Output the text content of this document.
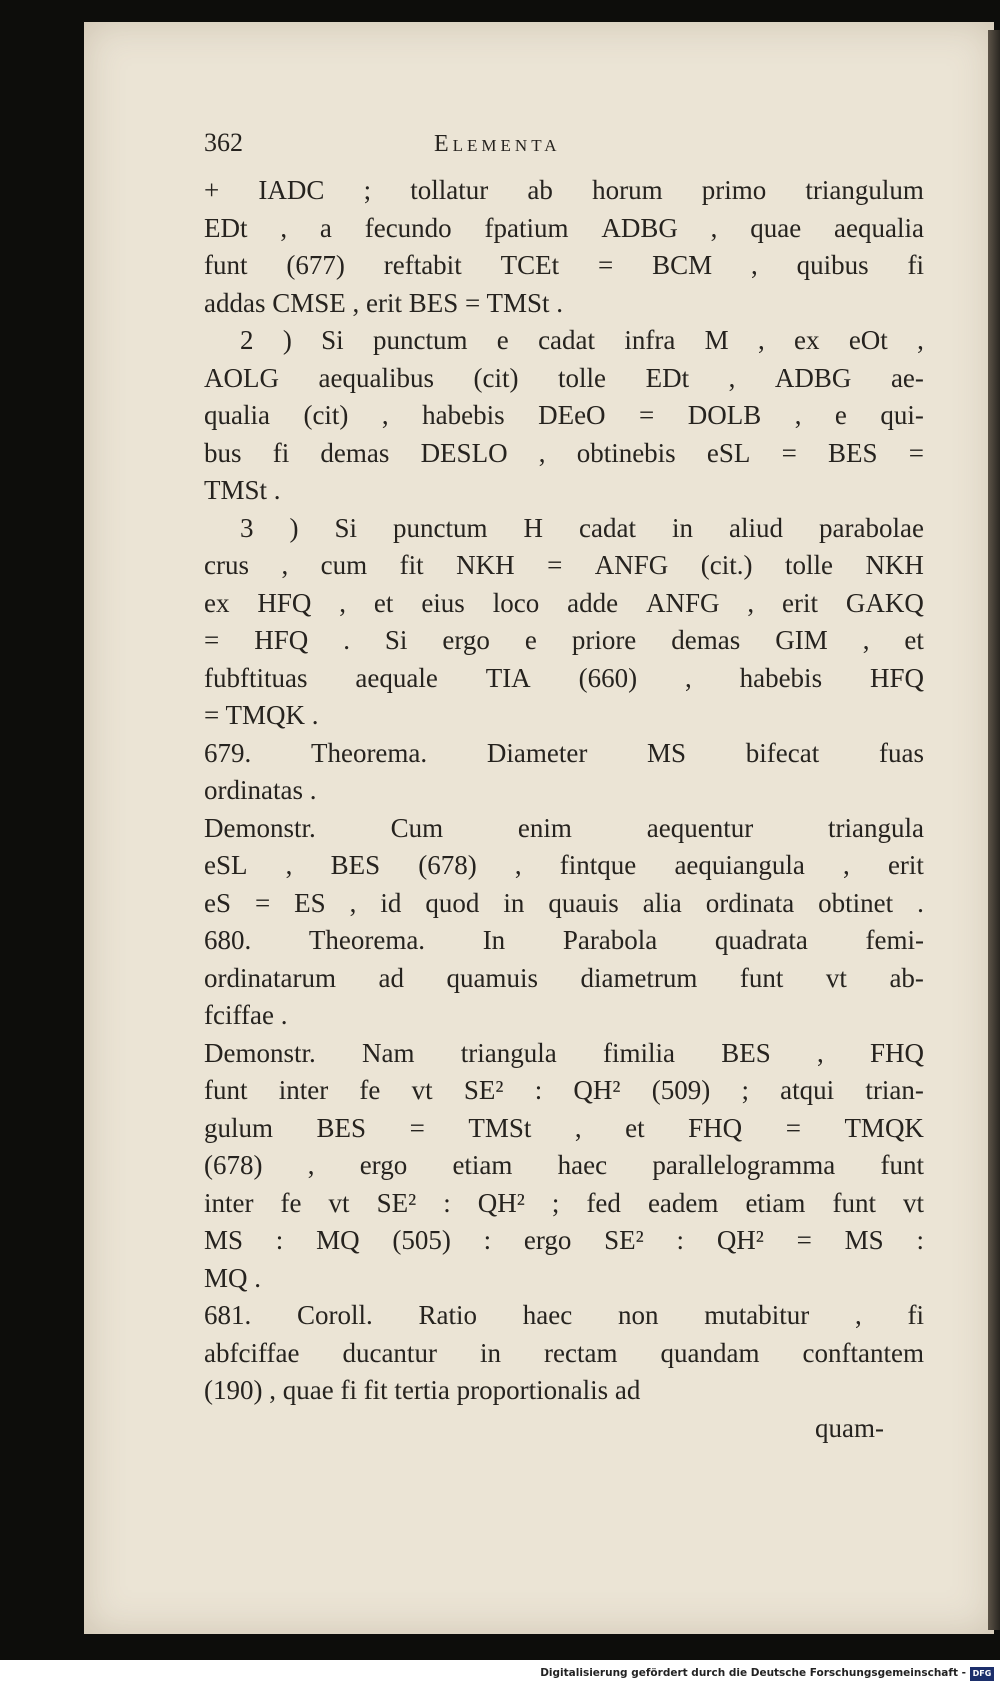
362	Elementa
+ IADC ; tollatur ab horum primo triangulum
EDt , a fecundo fpatium ADBG , quae aequalia
funt (677) reftabit TCEt = BCM , quibus fi
addas CMSE , erit BES = TMSt .
2 ) Si punctum e cadat infra M , ex eOt ,
AOLG aequalibus (cit) tolle EDt , ADBG ae-
qualia (cit) , habebis DEeO = DOLB , e qui-
bus fi demas DESLO , obtinebis eSL = BES =
TMSt .
3 ) Si punctum H cadat in aliud parabolae
crus , cum fit NKH = ANFG (cit.) tolle NKH
ex HFQ , et eius loco adde ANFG , erit GAKQ
= HFQ . Si ergo e priore demas GIM , et
fubftituas aequale TIA (660) , habebis HFQ
= TMQK .
679. Theorema. Diameter MS bifecat fuas
ordinatas .
Demonstr.	Cum	enim	aequentur	triangula
eSL , BES (678) , fintque aequiangula , erit
eS = ES , id quod in quauis alia ordinata obtinet .
680. Theorema. In Parabola quadrata femi-
ordinatarum ad quamuis diametrum funt vt ab-
fciffae .
Demonstr. Nam triangula fimilia BES , FHQ
funt inter fe vt SE² : QH² (509) ; atqui trian-
gulum BES = TMSt , et FHQ = TMQK
(678) , ergo etiam haec parallelogramma funt
inter fe vt SE² : QH² ; fed eadem etiam funt vt
MS : MQ (505) : ergo SE² : QH² = MS :
MQ .
681. Coroll. Ratio haec non mutabitur , fi
abfciffae ducantur in rectam quandam conftantem
(190) , quae fi fit tertia proportionalis ad
quam-
Digitalisierung gefördert durch die Deutsche Forschungsgemeinschaft - DFG
